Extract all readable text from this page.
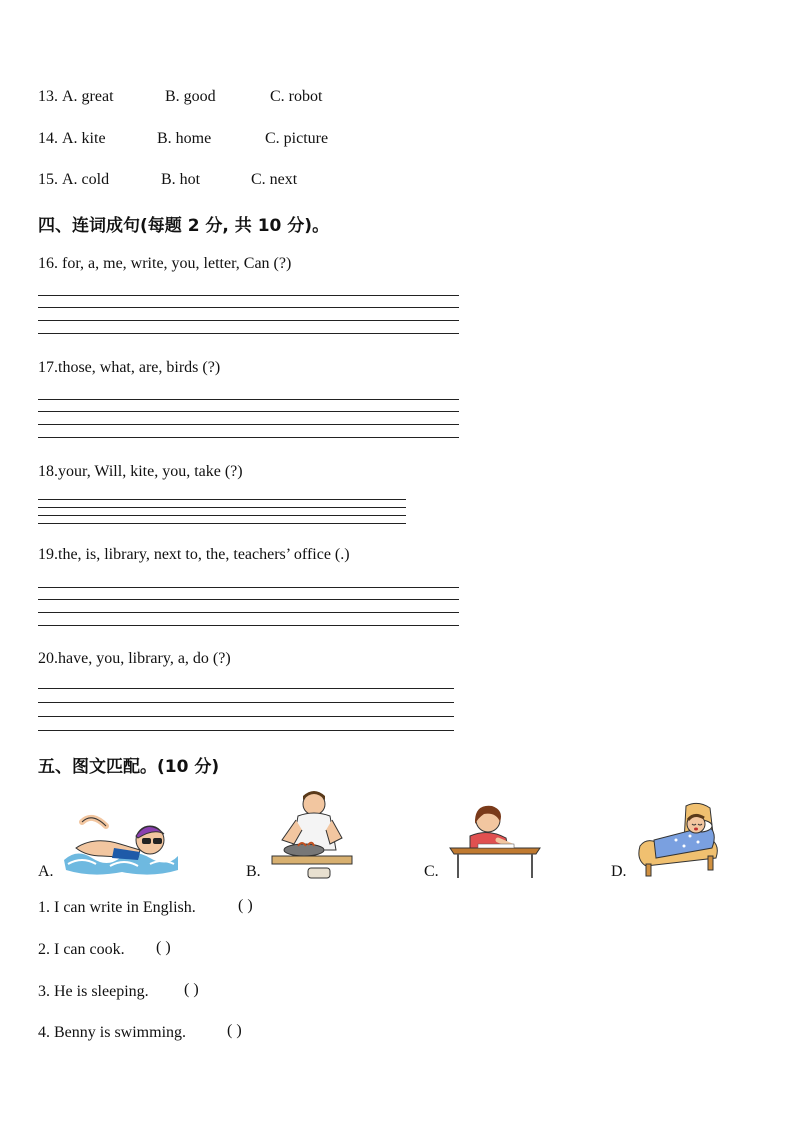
13. A. great	B. good	C. robot
14. A. kite	B. home	C. picture
15. A. cold	B. hot	C. next
四、连词成句(每题 2 分, 共 10 分)。
16. for, a, me, write, you, letter, Can (?)
17.those, what, are, birds (?)
18.your, Will, kite, you, take (?)
19.the, is, library, next to, the, teachers’ office (.)
20.have, you, library, a, do (?)
五、图文匹配。(10 分)
A.	B.	C.	D.
1. I can write in English.	( )
2. I can cook. ( )
3. He is sleeping. ( )
4. Benny is swimming.	( )
